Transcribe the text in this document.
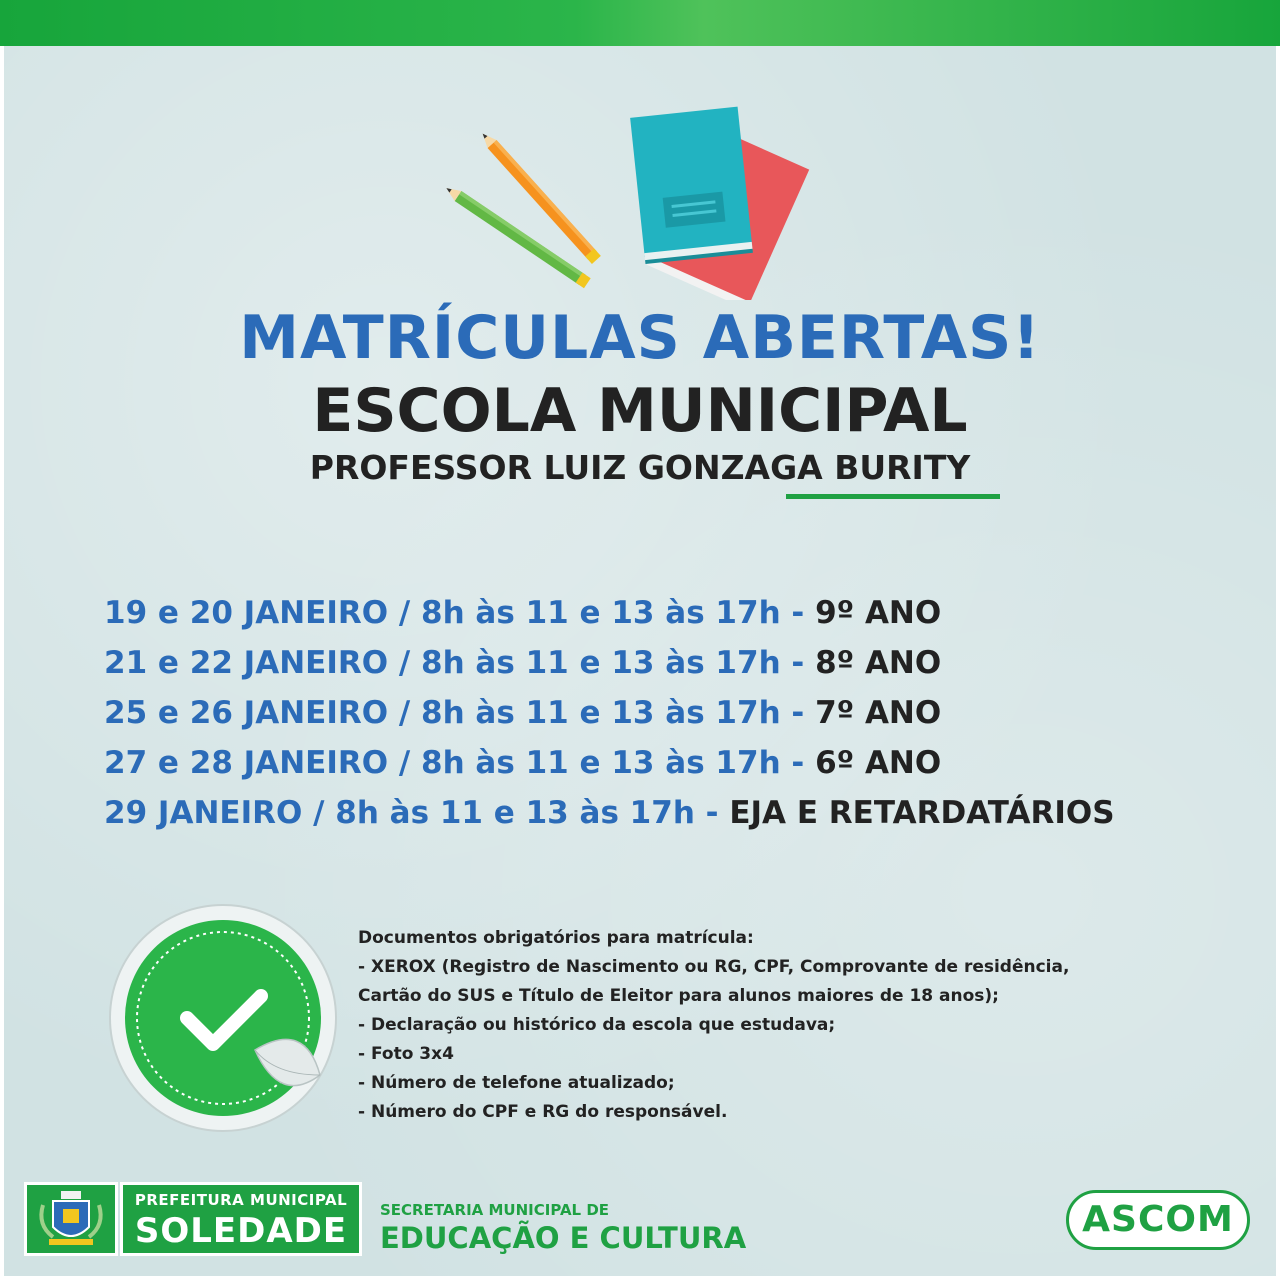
MATRÍCULAS ABERTAS!
ESCOLA MUNICIPAL
PROFESSOR LUIZ GONZAGA BURITY
19 e 20 JANEIRO / 8h às 11 e 13 às 17h - 9º ANO
21 e 22 JANEIRO / 8h às 11 e 13 às 17h - 8º ANO
25 e 26 JANEIRO / 8h às 11 e 13 às 17h - 7º ANO
27 e 28 JANEIRO / 8h às 11 e 13 às 17h - 6º ANO
29 JANEIRO / 8h às 11 e 13 às 17h - EJA E RETARDATÁRIOS
Documentos obrigatórios para matrícula:
- XEROX (Registro de Nascimento ou RG, CPF, Comprovante de residência,
Cartão do SUS e Título de Eleitor para alunos maiores de 18 anos);
- Declaração ou histórico da escola que estudava;
- Foto 3x4
- Número de telefone atualizado;
- Número do CPF e RG do responsável.
PREFEITURA MUNICIPAL
SOLEDADE
SECRETARIA MUNICIPAL DE
EDUCAÇÃO E CULTURA	ASCOM
